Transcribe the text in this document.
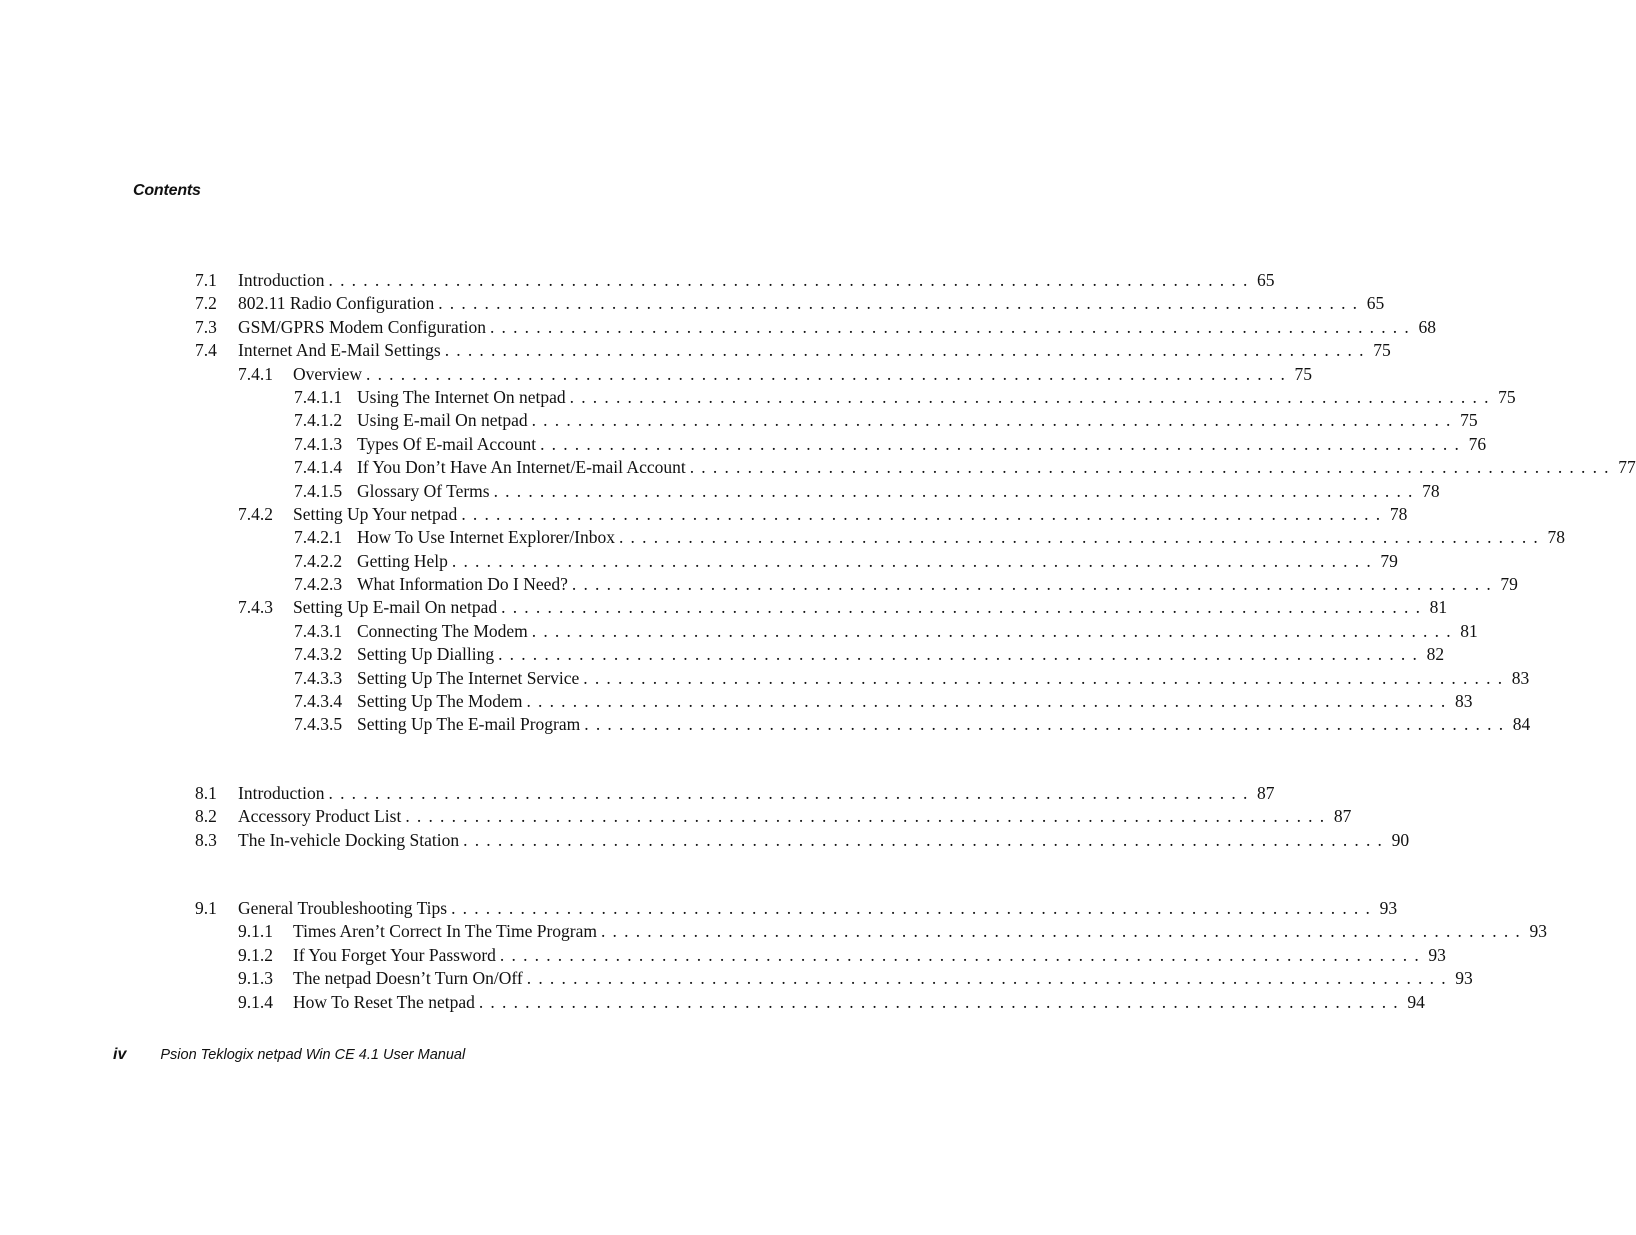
Contents
7.1 Introduction ................................................................................ 65
7.2 802.11 Radio Configuration ................................................................................ 65
7.3 GSM/GPRS Modem Configuration ................................................................................ 68
7.4 Internet And E-Mail Settings ................................................................................ 75
7.4.1 Overview ................................................................................ 75
7.4.1.1 Using The Internet On netpad ................................................................................ 75
7.4.1.2 Using E-mail On netpad ................................................................................ 75
7.4.1.3 Types Of E-mail Account ................................................................................ 76
7.4.1.4 If You Don’t Have An Internet/E-mail Account ................................................................................ 77
7.4.1.5 Glossary Of Terms ................................................................................ 78
7.4.2 Setting Up Your netpad ................................................................................ 78
7.4.2.1 How To Use Internet Explorer/Inbox ................................................................................ 78
7.4.2.2 Getting Help ................................................................................ 79
7.4.2.3 What Information Do I Need? ................................................................................ 79
7.4.3 Setting Up E-mail On netpad ................................................................................ 81
7.4.3.1 Connecting The Modem ................................................................................ 81
7.4.3.2 Setting Up Dialling ................................................................................ 82
7.4.3.3 Setting Up The Internet Service ................................................................................ 83
7.4.3.4 Setting Up The Modem ................................................................................ 83
7.4.3.5 Setting Up The E-mail Program ................................................................................ 84
8.1 Introduction ................................................................................ 87
8.2 Accessory Product List ................................................................................ 87
8.3 The In-vehicle Docking Station ................................................................................ 90
9.1 General Troubleshooting Tips ................................................................................ 93
9.1.1 Times Aren’t Correct In The Time Program ................................................................................ 93
9.1.2 If You Forget Your Password ................................................................................ 93
9.1.3 The netpad Doesn’t Turn On/Off ................................................................................ 93
9.1.4 How To Reset The netpad ................................................................................ 94
iv Psion Teklogix netpad Win CE 4.1 User Manual
